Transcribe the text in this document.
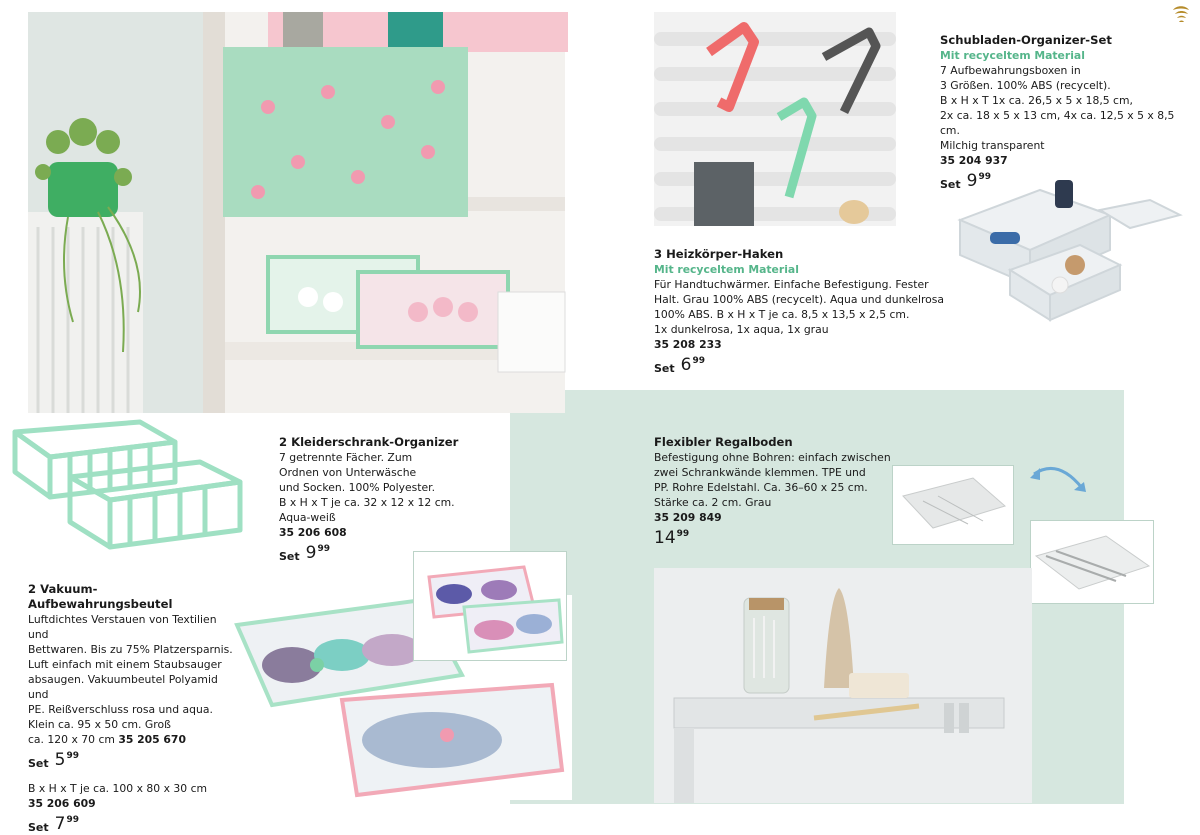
Schubladen-Organizer-Set
Mit recyceltem Material
7 Aufbewahrungsboxen in
3 Größen. 100% ABS (recycelt).
B x H x T 1x ca. 26,5 x 5 x 18,5 cm,
2x ca. 18 x 5 x 13 cm, 4x ca. 12,5 x 5 x 8,5 cm.
Milchig transparent
35 204 937
Set 9 99
3 Heizkörper-Haken
Mit recyceltem Material
Für Handtuchwärmer. Einfache Befestigung. Fester
Halt. Grau 100% ABS (recycelt). Aqua und dunkelrosa
100% ABS. B x H x T je ca. 8,5 x 13,5 x 2,5 cm.
1x dunkelrosa, 1x aqua, 1x grau
35 208 233
Set 6 99
2 Kleiderschrank-Organizer
7 getrennte Fächer. Zum
Ordnen von Unterwäsche
und Socken. 100% Polyester.
B x H x T je ca. 32 x 12 x 12 cm.
Aqua-weiß
35 206 608
Set 9 99
Flexibler Regalboden
Befestigung ohne Bohren: einfach zwischen
zwei Schrankwände klemmen. TPE und
PP. Rohre Edelstahl. Ca. 36–60 x 25 cm.
Stärke ca. 2 cm. Grau
35 209 849
14 99
2 Vakuum-Aufbewahrungsbeutel
Luftdichtes Verstauen von Textilien und
Bettwaren. Bis zu 75% Platzersparnis.
Luft einfach mit einem Staubsauger
absaugen. Vakuumbeutel Polyamid und
PE. Reißverschluss rosa und aqua.
Klein ca. 95 x 50 cm. Groß
ca. 120 x 70 cm 35 205 670
Set 5 99
B x H x T je ca. 100 x 80 x 30 cm
35 206 609
Set 7 99
